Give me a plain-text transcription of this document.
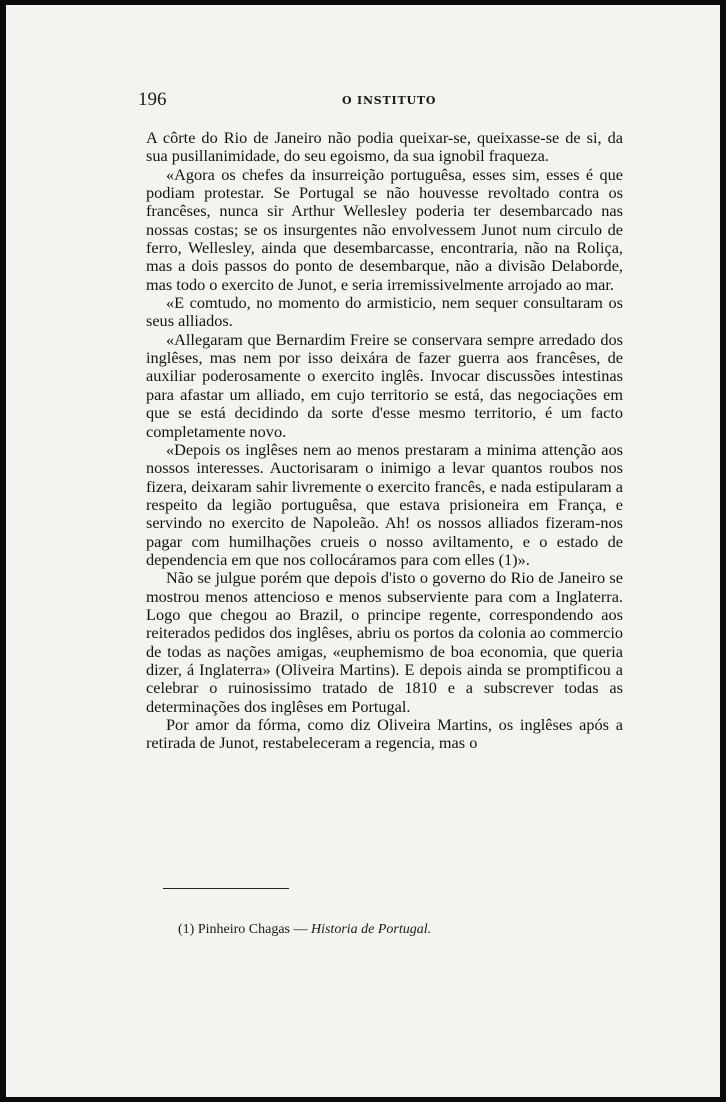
196	O INSTITUTO

A côrte do Rio de Janeiro não podia queixar-se, queixasse-se de si, da sua pusillanimidade, do seu egoismo, da sua ignobil fraqueza.

«Agora os chefes da insurreição portuguêsa, esses sim, esses é que podiam protestar. Se Portugal se não houvesse revoltado contra os francêses, nunca sir Arthur Wellesley poderia ter desembarcado nas nossas costas; se os insurgentes não envolvessem Junot num circulo de ferro, Wellesley, ainda que desembarcasse, encontraria, não na Roliça, mas a dois passos do ponto de desembarque, não a divisão Delaborde, mas todo o exercito de Junot, e seria irremissivelmente arrojado ao mar.

«E comtudo, no momento do armisticio, nem sequer consultaram os seus alliados.

«Allegaram que Bernardim Freire se conservara sempre arredado dos inglêses, mas nem por isso deixára de fazer guerra aos francêses, de auxiliar poderosamente o exercito inglês. Invocar discussões intestinas para afastar um alliado, em cujo territorio se está, das negociações em que se está decidindo da sorte d'esse mesmo territorio, é um facto completamente novo.

«Depois os inglêses nem ao menos prestaram a minima attenção aos nossos interesses. Auctorisaram o inimigo a levar quantos roubos nos fizera, deixaram sahir livremente o exercito francês, e nada estipularam a respeito da legião portuguêsa, que estava prisioneira em França, e servindo no exercito de Napoleão. Ah! os nossos alliados fizeram-nos pagar com humilhações crueis o nosso aviltamento, e o estado de dependencia em que nos collocáramos para com elles (1)».

Não se julgue porém que depois d'isto o governo do Rio de Janeiro se mostrou menos attencioso e menos subserviente para com a Inglaterra. Logo que chegou ao Brazil, o principe regente, correspondendo aos reiterados pedidos dos inglêses, abriu os portos da colonia ao commercio de todas as nações amigas, «euphemismo de boa economia, que queria dizer, á Inglaterra» (Oliveira Martins). E depois ainda se promptificou a celebrar o ruinosissimo tratado de 1810 e a subscrever todas as determinações dos inglêses em Portugal.

Por amor da fórma, como diz Oliveira Martins, os inglêses após a retirada de Junot, restabeleceram a regencia, mas o

(1) Pinheiro Chagas — Historia de Portugal.
